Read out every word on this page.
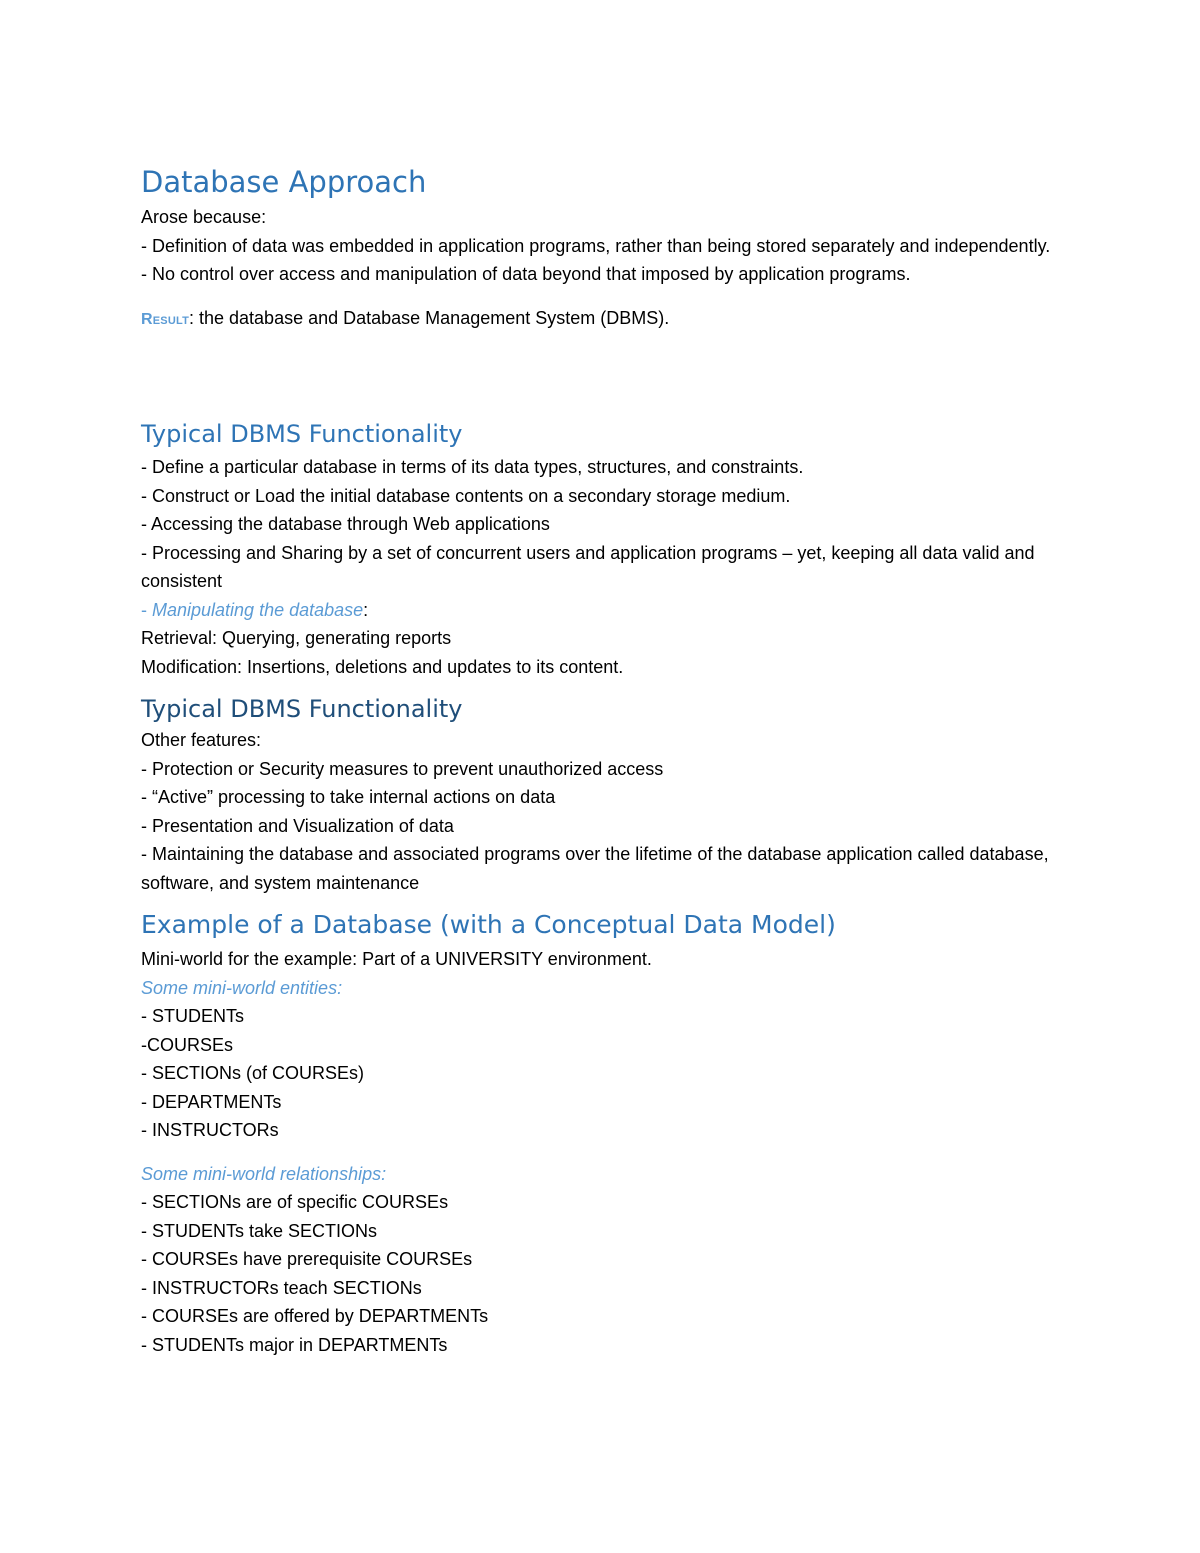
Database Approach

Arose because:

- Definition of data was embedded in application programs, rather than being stored separately and independently.

- No control over access and manipulation of data beyond that imposed by application programs.

Result: the database and Database Management System (DBMS).

Typical DBMS Functionality

- Define a particular database in terms of its data types, structures, and constraints.

- Construct or Load the initial database contents on a secondary storage medium.

- Accessing the database through Web applications

- Processing and Sharing by a set of concurrent users and application programs – yet, keeping all data valid and consistent

- Manipulating the database:

Retrieval: Querying, generating reports

Modification: Insertions, deletions and updates to its content.

Typical DBMS Functionality

Other features:

- Protection or Security measures to prevent unauthorized access

- “Active” processing to take internal actions on data

- Presentation and Visualization of data

- Maintaining the database and associated programs over the lifetime of the database application called database, software, and system maintenance

Example of a Database (with a Conceptual Data Model)

Mini-world for the example: Part of a UNIVERSITY environment.

Some mini-world entities:

- STUDENTs

-COURSEs

- SECTIONs (of COURSEs)

- DEPARTMENTs

- INSTRUCTORs

Some mini-world relationships:

- SECTIONs are of specific COURSEs

- STUDENTs take SECTIONs

- COURSEs have prerequisite COURSEs

- INSTRUCTORs teach SECTIONs

- COURSEs are offered by DEPARTMENTs

- STUDENTs major in DEPARTMENTs
